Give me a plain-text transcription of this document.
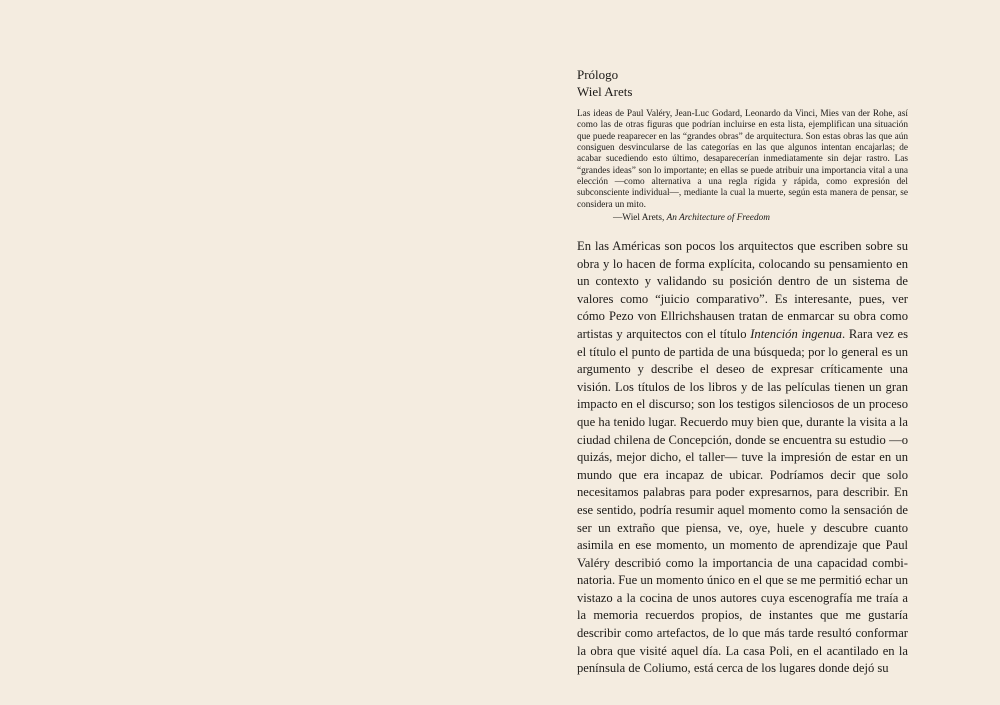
Prólogo
Wiel Arets
Las ideas de Paul Valéry, Jean-Luc Godard, Leonardo da Vinci, Mies van der Rohe, así como las de otras figuras que podrían incluirse en esta lista, ejemplifican una situación que puede reaparecer en las “grandes obras” de arquitectura. Son estas obras las que aún consiguen desvincularse de las categorías en las que algunos intentan encajarlas; de acabar sucediendo esto último, desaparecerían inmediatamente sin dejar rastro. Las “grandes ideas” son lo importante; en ellas se puede atribuir una importancia vital a una elección —como alternativa a una regla rígida y rápida, como expresión del subconsciente individual—, mediante la cual la muerte, según esta manera de pensar, se considera un mito.
—Wiel Arets, An Architecture of Freedom
En las Américas son pocos los arquitectos que escriben sobre su obra y lo hacen de forma explícita, colocando su pensamiento en un contexto y validando su posición dentro de un sistema de valores como “juicio comparativo”. Es interesante, pues, ver cómo Pezo von Ellrichshausen tratan de enmarcar su obra como artistas y arquitectos con el título Intención ingenua. Rara vez es el título el punto de partida de una búsqueda; por lo general es un argumento y describe el deseo de expresar críticamente una visión. Los títulos de los libros y de las películas tienen un gran impacto en el discurso; son los testigos silenciosos de un proceso que ha tenido lugar. Recuerdo muy bien que, durante la visita a la ciudad chilena de Concepción, donde se encuentra su estudio —o quizás, mejor dicho, el taller— tuve la impresión de estar en un mundo que era incapaz de ubicar. Podríamos decir que solo necesitamos palabras para poder expresarnos, para describir. En ese sentido, podría resumir aquel momento como la sensación de ser un extraño que piensa, ve, oye, huele y descubre cuanto asimila en ese momento, un momento de aprendizaje que Paul Valéry describió como la importancia de una capacidad combinatoria. Fue un momento único en el que se me permitió echar un vistazo a la cocina de unos autores cuya escenografía me traía a la memoria recuerdos propios, de instantes que me gustaría describir como artefactos, de lo que más tarde resultó conformar la obra que visité aquel día. La casa Poli, en el acantilado en la península de Coliumo, está cerca de los lugares donde dejó su
